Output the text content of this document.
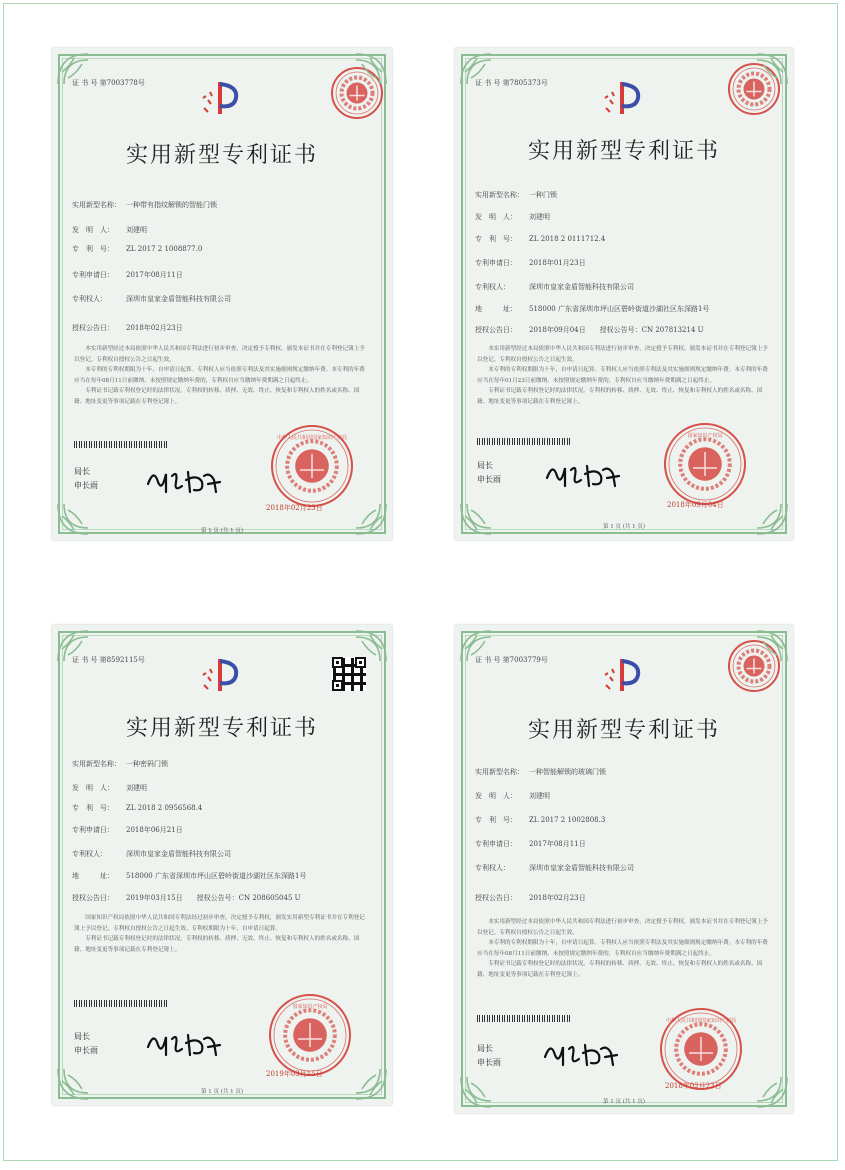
证 书 号 第7003778号
实用新型专利证书
实用新型名称： 一种带有指纹解锁的智能门锁
发　明　人： 刘建明
专　利　号： ZL 2017 2 1008877.0
专利申请日： 2017年08月11日
专利权人：	深圳市皇家金盾智能科技有限公司
授权公告日： 2018年02月23日
　　本实用新型经过本局依照中华人民共和国专利法进行初步审查，决定授予专利权，颁发本证书并在专利登记簿上予以登记。专利权自授权公告之日起生效。
　　本专利的专利权期限为十年，自申请日起算。专利权人应当依照专利法及其实施细则规定缴纳年费。本专利的年费应当在每年08月11日前缴纳。未按照规定缴纳年费的，专利权自应当缴纳年费期满之日起终止。
　　专利证书记载专利权登记时的法律状况。专利权的转移、质押、无效、终止、恢复和专利权人的姓名或名称、国籍、地址变更等事项记载在专利登记簿上。
局长
申长雨
中华人民共和国国家知识产权局
2018年02月23日
第 1 页 (共 1 页)
证 书 号 第7805373号
实用新型专利证书
实用新型名称： 一种门锁
发　明　人： 刘建明
专　利　号： ZL 2018 2 0111712.4
专利申请日： 2018年01月23日
专利权人：	深圳市皇家金盾智能科技有限公司
地　　　址： 518000 广东省深圳市坪山区碧岭街道沙湖社区东深路1号
授权公告日： 2018年09月04日　　授权公告号：CN 207813214 U
　　本实用新型经过本局依照中华人民共和国专利法进行初步审查，决定授予专利权，颁发本证书并在专利登记簿上予以登记。专利权自授权公告之日起生效。
　　本专利的专利权期限为十年，自申请日起算。专利权人应当依照专利法及其实施细则规定缴纳年费。本专利的年费应当在每年01月23日前缴纳。未按照规定缴纳年费的，专利权自应当缴纳年费期满之日起终止。
　　专利证书记载专利权登记时的法律状况。专利权的转移、质押、无效、终止、恢复和专利权人的姓名或名称、国籍、地址变更等事项记载在专利登记簿上。
局长
申长雨
国家知识产权局
2018年09月04日
第 1 页 (共 1 页)
证 书 号 第8592115号
实用新型专利证书
实用新型名称： 一种密码门锁
发　明　人： 刘建明
专　利　号： ZL 2018 2 0956568.4
专利申请日： 2018年06月21日
专利权人：	深圳市皇家金盾智能科技有限公司
地　　　址： 518000 广东省深圳市坪山区碧岭街道沙湖社区东深路1号
授权公告日： 2019年03月15日　　授权公告号：CN 208605045 U
　　国家知识产权局依照中华人民共和国专利法经过初步审查，决定授予专利权，颁发实用新型专利证书并在专利登记簿上予以登记。专利权自授权公告之日起生效。专利权期限为十年，自申请日起算。
　　专利证书记载专利权登记时的法律状况。专利权的转移、质押、无效、终止、恢复和专利权人的姓名或名称、国籍、地址变更等事项记载在专利登记簿上。
局长
申长雨
国家知识产权局
2019年03月15日
第 1 页 (共 1 页)
证 书 号 第7003779号
实用新型专利证书
实用新型名称： 一种智能解锁的玻璃门锁
发　明　人： 刘建明
专　利　号： ZL 2017 2 1002808.3
专利申请日： 2017年08月11日
专利权人：	深圳市皇家金盾智能科技有限公司
授权公告日： 2018年02月23日
　　本实用新型经过本局依照中华人民共和国专利法进行初步审查，决定授予专利权，颁发本证书并在专利登记簿上予以登记。专利权自授权公告之日起生效。
　　本专利的专利权期限为十年，自申请日起算。专利权人应当依照专利法及其实施细则规定缴纳年费。本专利的年费应当在每年08月11日前缴纳。未按照规定缴纳年费的，专利权自应当缴纳年费期满之日起终止。
　　专利证书记载专利权登记时的法律状况。专利权的转移、质押、无效、终止、恢复和专利权人的姓名或名称、国籍、地址变更等事项记载在专利登记簿上。
局长
申长雨
中华人民共和国国家知识产权局
2018年02月23日
第 1 页 (共 1 页)
